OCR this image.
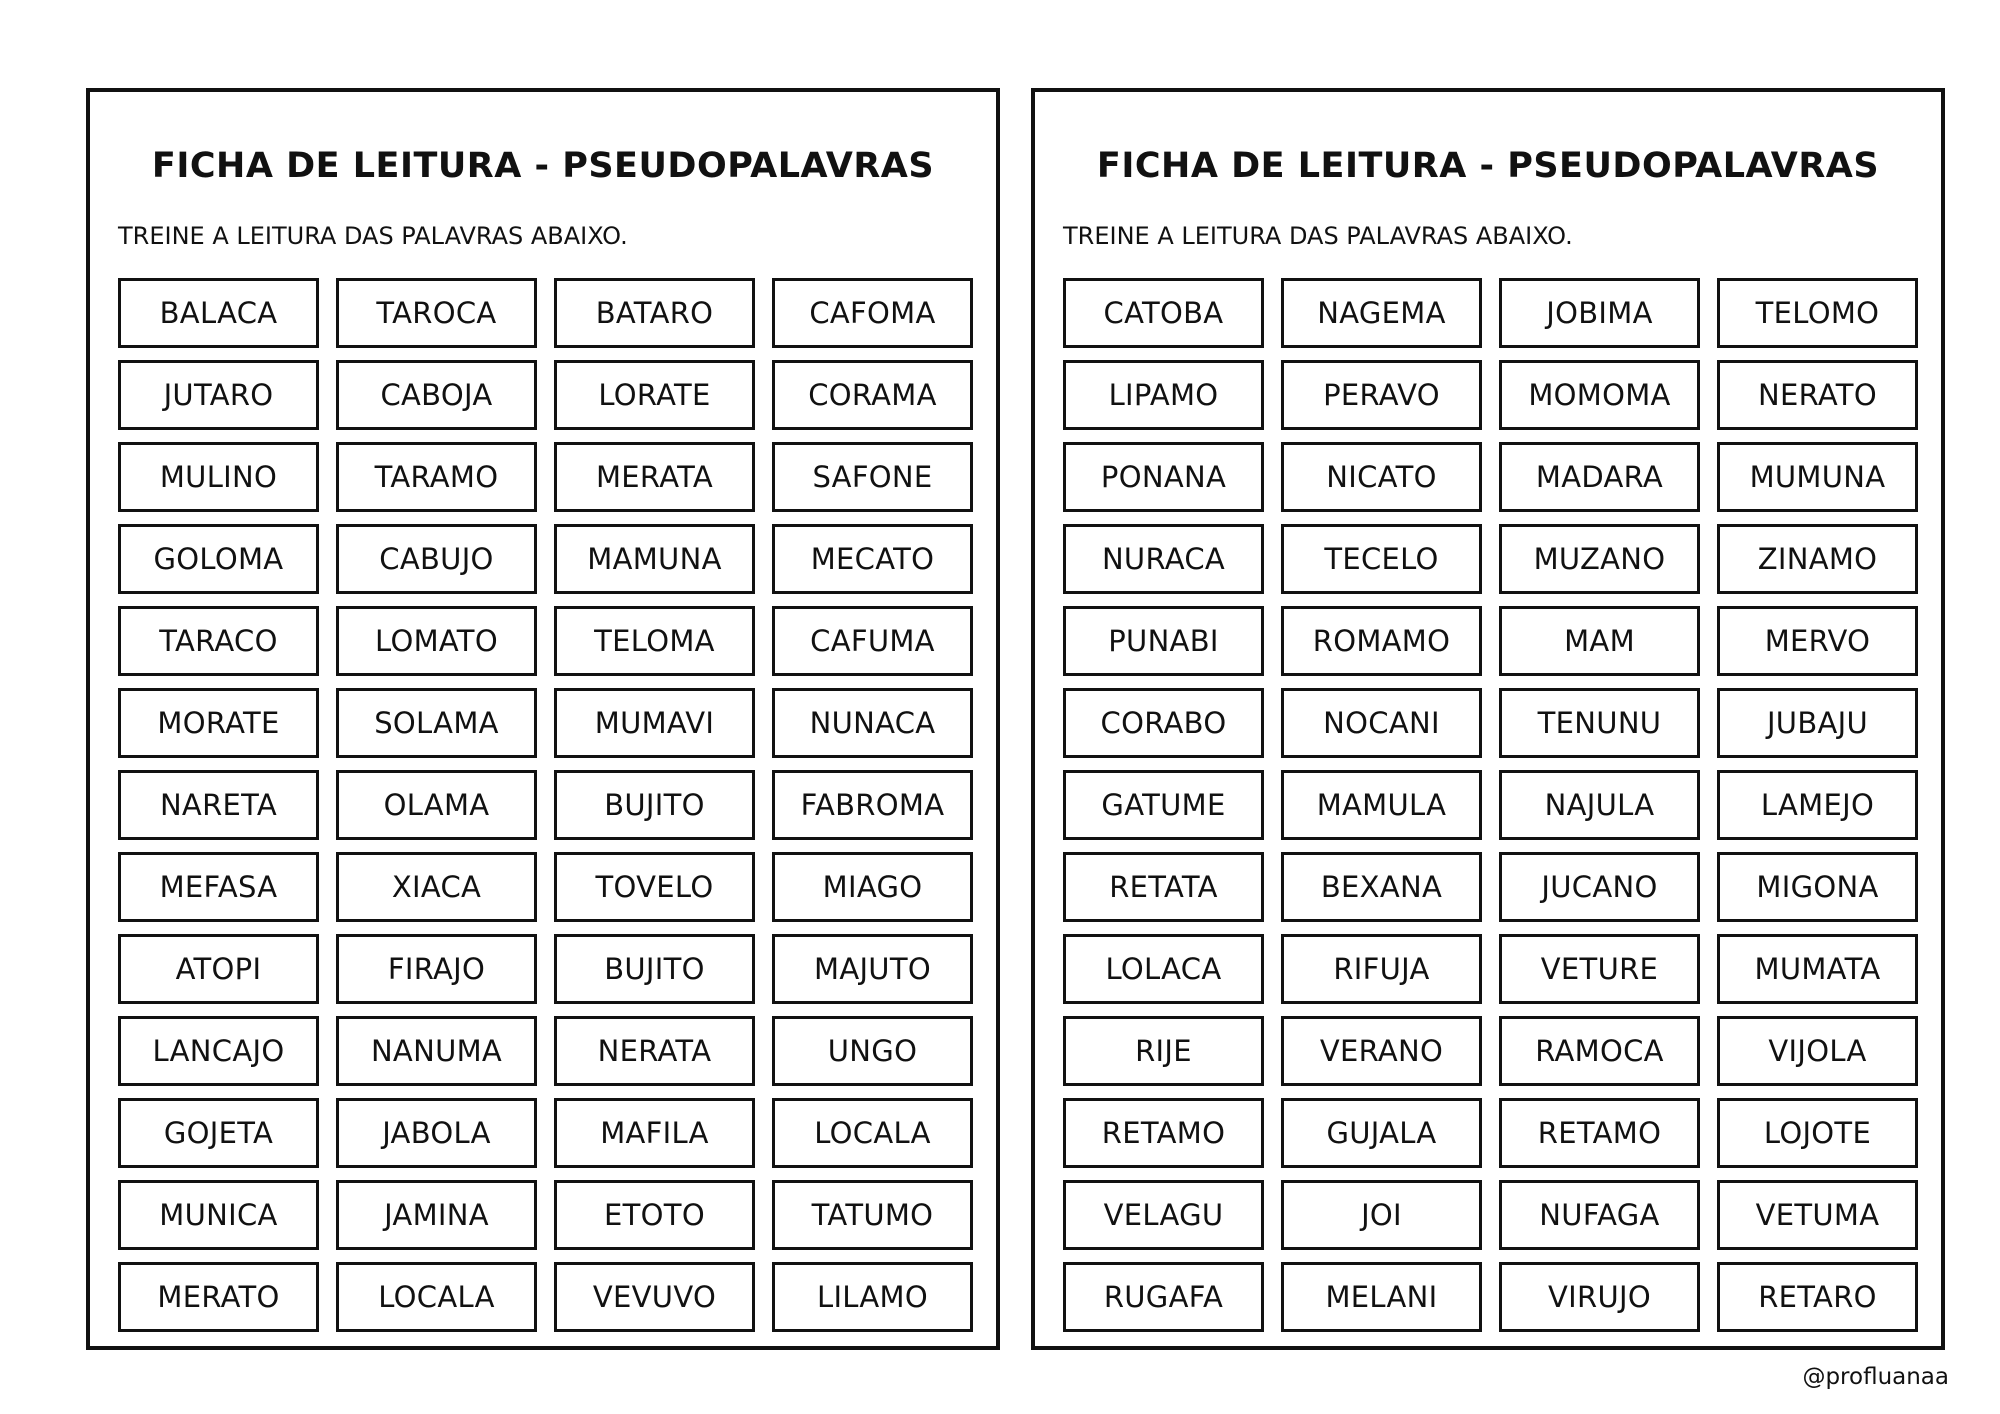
FICHA DE LEITURA - PSEUDOPALAVRAS
TREINE A LEITURA DAS PALAVRAS ABAIXO.
BALACA	TAROCA	BATARO	CAFOMA
JUTARO	CABOJA	LORATE	CORAMA
MULINO	TARAMO	MERATA	SAFONE
GOLOMA	CABUJO	MAMUNA	MECATO
TARACO	LOMATO	TELOMA	CAFUMA
MORATE	SOLAMA	MUMAVI	NUNACA
NARETA	OLAMA	BUJITO	FABROMA
MEFASA	XIACA	TOVELO	MIAGO
ATOPI	FIRAJO	BUJITO	MAJUTO
LANCAJO	NANUMA	NERATA	UNGO
GOJETA	JABOLA	MAFILA	LOCALA
MUNICA	JAMINA	ETOTO	TATUMO
MERATO	LOCALA	VEVUVO	LILAMO
FICHA DE LEITURA - PSEUDOPALAVRAS
TREINE A LEITURA DAS PALAVRAS ABAIXO.
CATOBA	NAGEMA	JOBIMA	TELOMO
LIPAMO	PERAVO	MOMOMA	NERATO
PONANA	NICATO	MADARA	MUMUNA
NURACA	TECELO	MUZANO	ZINAMO
PUNABI	ROMAMO	MAM	MERVO
CORABO	NOCANI	TENUNU	JUBAJU
GATUME	MAMULA	NAJULA	LAMEJO
RETATA	BEXANA	JUCANO	MIGONA
LOLACA	RIFUJA	VETURE	MUMATA
RIJE	VERANO	RAMOCA	VIJOLA
RETAMO	GUJALA	RETAMO	LOJOTE
VELAGU	JOI	NUFAGA	VETUMA
RUGAFA	MELANI	VIRUJO	RETARO
@profluanaa
